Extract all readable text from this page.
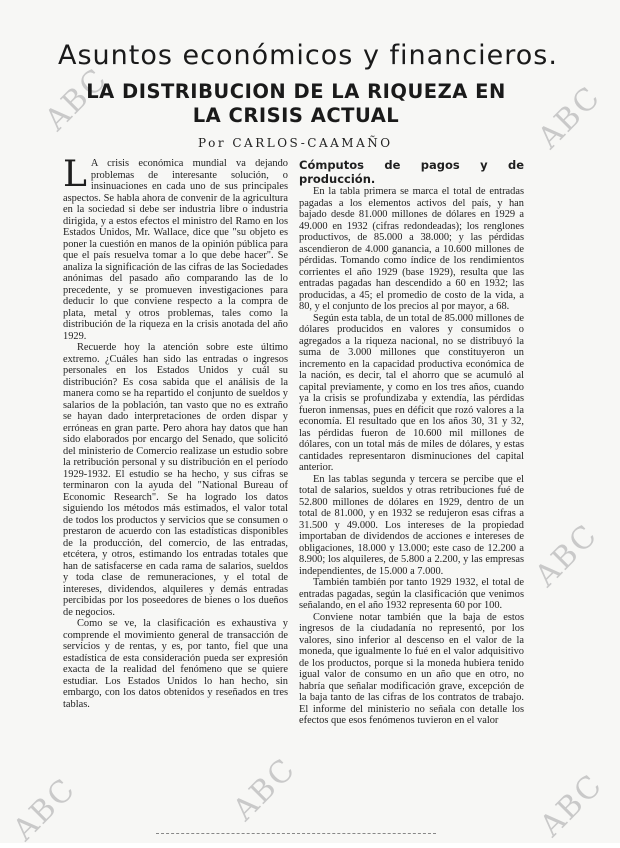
ABC	ABC
ABC
ABC
ABC	ABC
Asuntos económicos y financieros.
LA DISTRIBUCION DE LA RIQUEZA EN LA CRISIS ACTUAL
Por CARLOS-CAAMAÑO

L A crisis económica mundial va dejando problemas de interesante solución, o insinuaciones en cada uno de sus principales aspectos. Se habla ahora de convenir de la agricultura en la sociedad si debe ser industria libre o industria dirigida, y a estos efectos el ministro del Ramo en los Estados Unidos, Mr. Wallace, dice que "su objeto es poner la cuestión en manos de la opinión pública para que el país resuelva tomar a lo que debe hacer". Se analiza la significación de las cifras de las Sociedades anónimas del pasado año comparando las de lo precedente, y se promueven investigaciones para deducir lo que conviene respecto a la compra de plata, metal y otros problemas, tales como la distribución de la riqueza en la crisis anotada del año 1929.

Recuerde hoy la atención sobre este último extremo. ¿Cuáles han sido las entradas o ingresos personales en los Estados Unidos y cuál su distribución? Es cosa sabida que el análisis de la manera como se ha repartido el conjunto de sueldos y salarios de la población, tan vasto que no es extraño se hayan dado interpretaciones de orden dispar y erróneas en gran parte. Pero ahora hay datos que han sido elaborados por encargo del Senado, que solicitó del ministerio de Comercio realizase un estudio sobre la retribución personal y su distribución en el período 1929-1932. El estudio se ha hecho, y sus cifras se terminaron con la ayuda del "National Bureau of Economic Research". Se ha logrado los datos siguiendo los métodos más estimados, el valor total de todos los productos y servicios que se consumen o prestaron de acuerdo con las estadísticas disponibles de la producción, del comercio, de las entradas, etcétera, y otros, estimando los entradas totales que han de satisfacerse en cada rama de salarios, sueldos y toda clase de remuneraciones, y el total de intereses, dividendos, alquileres y demás entradas percibidas por los poseedores de bienes o los dueños de negocios.

Como se ve, la clasificación es exhaustiva y comprende el movimiento general de transacción de servicios y de rentas, y es, por tanto, fiel que una estadística de esta consideración pueda ser expresión exacta de la realidad del fenómeno que se quiere estudiar. Los Estados Unidos lo han hecho, sin embargo, con los datos obtenidos y reseñados en tres tablas.

Cómputos de pagos y de producción.

En la tabla primera se marca el total de entradas pagadas a los elementos activos del país, y han bajado desde 81.000 millones de dólares en 1929 a 49.000 en 1932 (cifras redondeadas); los renglones productivos, de 85.000 a 38.000; y las pérdidas ascendieron de 4.000 ganancia, a 10.600 millones de pérdidas. Tomando como índice de los rendimientos corrientes el año 1929 (base 1929), resulta que las entradas pagadas han descendido a 60 en 1932; las producidas, a 45; el promedio de costo de la vida, a 80, y el conjunto de los precios al por mayor, a 68.

Según esta tabla, de un total de 85.000 millones de dólares producidos en valores y consumidos o agregados a la riqueza nacional, no se distribuyó la suma de 3.000 millones que constituyeron un incremento en la capacidad productiva económica de la nación, es decir, tal el ahorro que se acumuló al capital previamente, y como en los tres años, cuando ya la crisis se profundizaba y extendía, las pérdidas fueron inmensas, pues en déficit que rozó valores a la economía. El resultado que en los años 30, 31 y 32, las pérdidas fueron de 10.600 mil millones de dólares, con un total más de miles de dólares, y estas cantidades representaron disminuciones del capital anterior.

En las tablas segunda y tercera se percibe que el total de salarios, sueldos y otras retribuciones fué de 52.800 millones de dólares en 1929, dentro de un total de 81.000, y en 1932 se redujeron esas cifras a 31.500 y 49.000. Los intereses de la propiedad importaban de dividendos de acciones e intereses de obligaciones, 18.000 y 13.000; este caso de 12.200 a 8.900; los alquileres, de 5.800 a 2.200, y las empresas independientes, de 15.000 a 7.000.

También también por tanto 1929 1932, el total de entradas pagadas, según la clasificación que venimos señalando, en el año 1932 representa 60 por 100.

Conviene notar también que la baja de estos ingresos de la ciudadanía no representó, por los valores, sino inferior al descenso en el valor de la moneda, que igualmente lo fué en el valor adquisitivo de los productos, porque si la moneda hubiera tenido igual valor de consumo en un año que en otro, no habría que señalar modificación grave, excepción de la baja tanto de las cifras de los contratos de trabajo. El informe del ministerio no señala con detalle los efectos que esos fenómenos tuvieron en el valor
